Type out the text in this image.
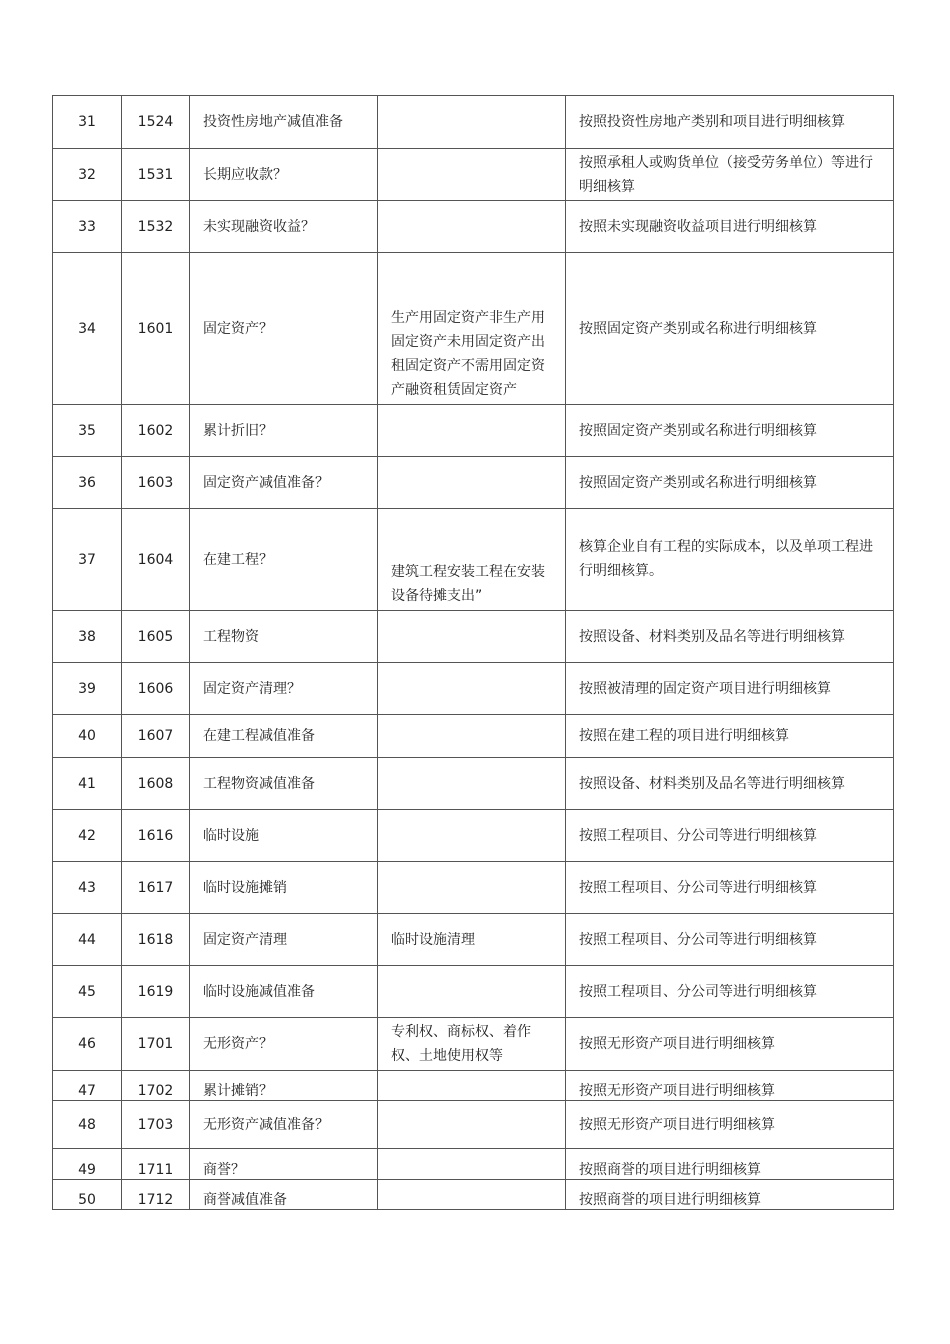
31	1524	投资性房地产减值准备		按照投资性房地产类别和项目进行明细核算
32	1531	长期应收款？		按照承租人或购货单位（接受劳务单位）等进行明细核算
33	1532	未实现融资收益？		按照未实现融资收益项目进行明细核算
34	1601	固定资产？	生产用固定资产非生产用固定资产未用固定资产出租固定资产不需用固定资产融资租赁固定资产	按照固定资产类别或名称进行明细核算
35	1602	累计折旧？		按照固定资产类别或名称进行明细核算
36	1603	固定资产减值准备？		按照固定资产类别或名称进行明细核算
37	1604	在建工程？	建筑工程安装工程在安装设备待摊支出”	核算企业自有工程的实际成本，以及单项工程进行明细核算。
38	1605	工程物资		按照设备、材料类别及品名等进行明细核算
39	1606	固定资产清理？		按照被清理的固定资产项目进行明细核算
40	1607	在建工程减值准备		按照在建工程的项目进行明细核算
41	1608	工程物资减值准备		按照设备、材料类别及品名等进行明细核算
42	1616	临时设施		按照工程项目、分公司等进行明细核算
43	1617	临时设施摊销		按照工程项目、分公司等进行明细核算
44	1618	固定资产清理	临时设施清理	按照工程项目、分公司等进行明细核算
45	1619	临时设施减值准备		按照工程项目、分公司等进行明细核算
46	1701	无形资产？	专利权、商标权、着作权、土地使用权等	按照无形资产项目进行明细核算
47	1702	累计摊销？		按照无形资产项目进行明细核算
48	1703	无形资产减值准备？		按照无形资产项目进行明细核算
49	1711	商誉？		按照商誉的项目进行明细核算
50	1712	商誉减值准备		按照商誉的项目进行明细核算
